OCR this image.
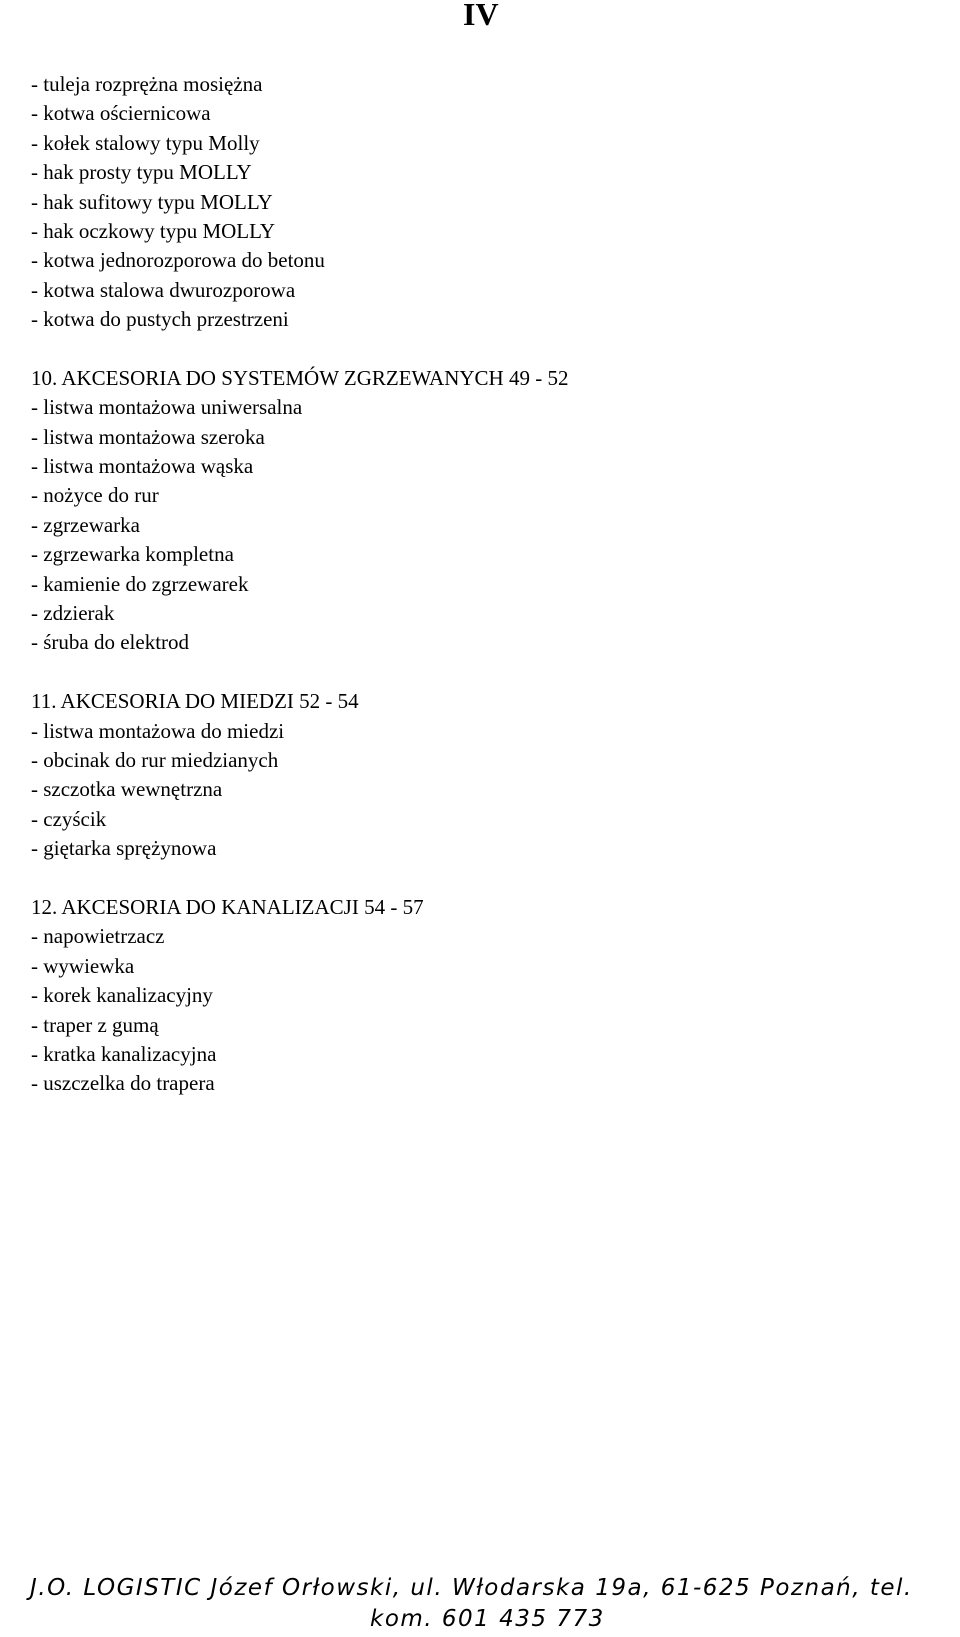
IV
- tuleja rozprężna mosiężna
- kotwa ościernicowa
- kołek stalowy typu Molly
- hak prosty typu MOLLY
- hak sufitowy typu MOLLY
- hak oczkowy typu MOLLY
- kotwa jednorozporowa do betonu
- kotwa stalowa dwurozporowa
- kotwa do pustych przestrzeni
10. AKCESORIA DO SYSTEMÓW ZGRZEWANYCH 49 - 52
- listwa montażowa uniwersalna
- listwa montażowa szeroka
- listwa montażowa wąska
- nożyce do rur
- zgrzewarka
- zgrzewarka kompletna
- kamienie do zgrzewarek
- zdzierak
- śruba do elektrod
11. AKCESORIA DO MIEDZI 52 - 54
- listwa montażowa do miedzi
- obcinak do rur miedzianych
- szczotka wewnętrzna
- czyścik
- giętarka sprężynowa
12. AKCESORIA DO KANALIZACJI 54 - 57
- napowietrzacz
- wywiewka
- korek kanalizacyjny
- traper z gumą
- kratka kanalizacyjna
- uszczelka do trapera
J.O. LOGISTIC Józef Orłowski, ul. Włodarska 19a, 61-625 Poznań, tel.
kom. 601 435 773
